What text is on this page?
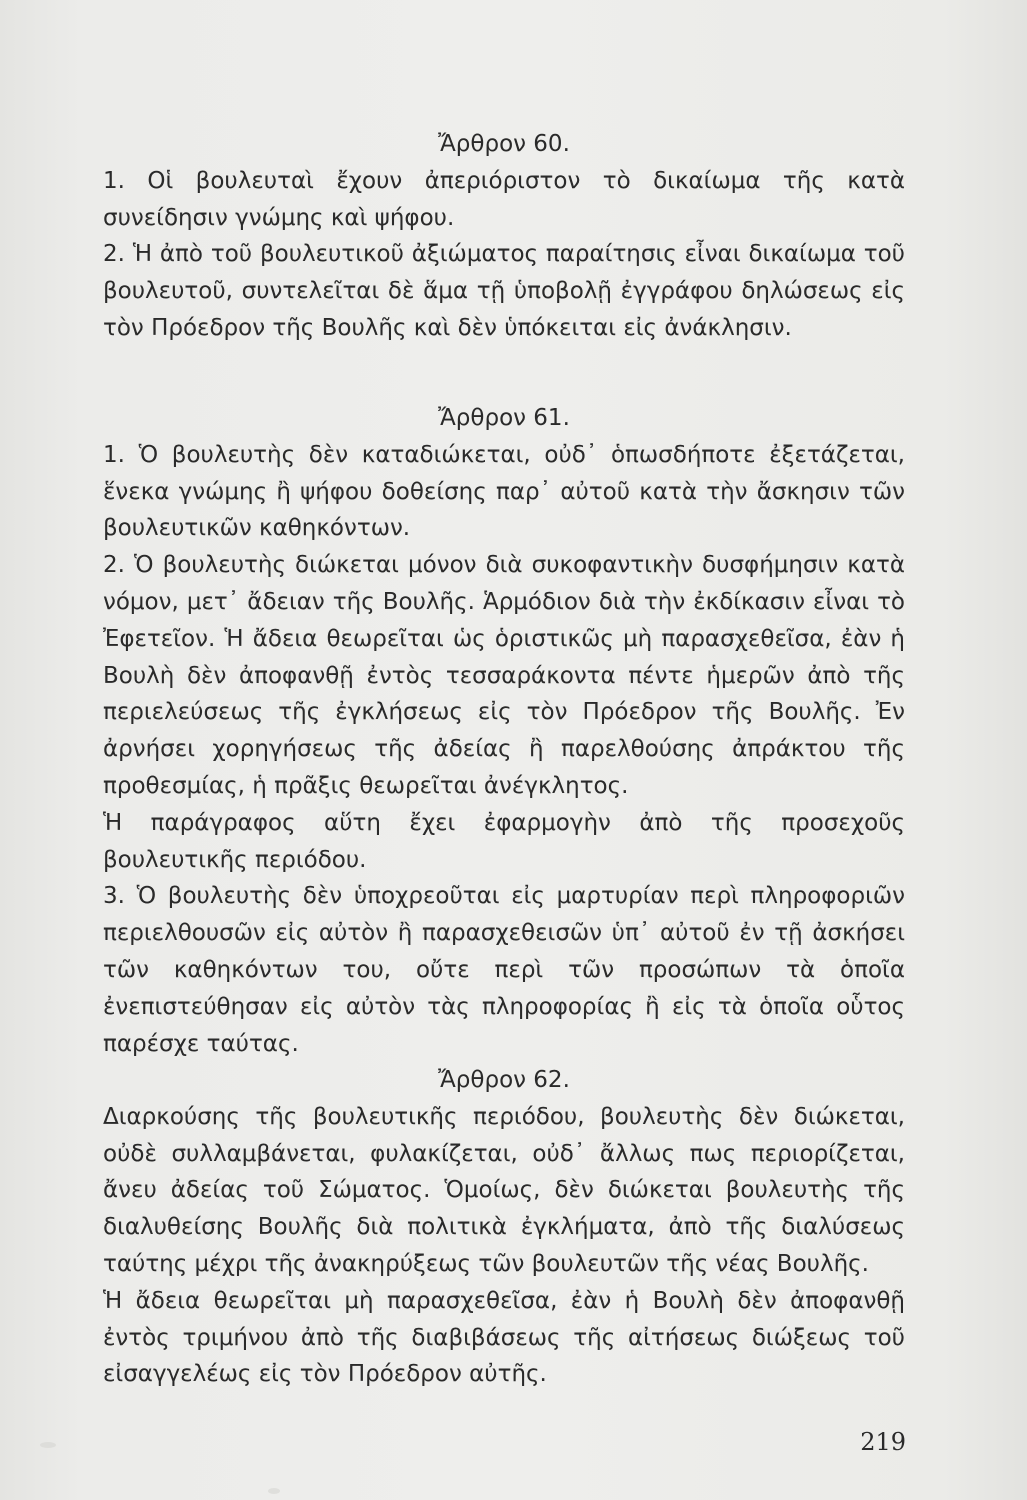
Ἄρθρον 60.

1. Οἱ βουλευταὶ ἔχουν ἀπεριόριστον τὸ δικαίωμα τῆς κατὰ συνείδησιν γνώμης καὶ ψήφου.

2. Ἡ ἀπὸ τοῦ βουλευτικοῦ ἀξιώματος παραίτησις εἶναι δικαίωμα τοῦ βουλευτοῦ, συντελεῖται δὲ ἅμα τῇ ὑποβολῇ ἐγγράφου δηλώσεως εἰς τὸν Πρόεδρον τῆς Βουλῆς καὶ δὲν ὑπόκειται εἰς ἀνάκλησιν.

Ἄρθρον 61.

1. Ὁ βουλευτὴς δὲν καταδιώκεται, οὐδ᾿ ὁπωσδήποτε ἐξετάζεται, ἕνεκα γνώμης ἢ ψήφου δοθείσης παρ᾿ αὐτοῦ κατὰ τὴν ἄσκησιν τῶν βουλευτικῶν καθηκόντων.

2. Ὁ βουλευτὴς διώκεται μόνον διὰ συκοφαντικὴν δυσφήμησιν κατὰ νόμον, μετ᾿ ἄδειαν τῆς Βουλῆς. Ἁρμόδιον διὰ τὴν ἐκδίκασιν εἶναι τὸ Ἐφετεῖον. Ἡ ἄδεια θεωρεῖται ὡς ὁριστικῶς μὴ παρασχεθεῖσα, ἐὰν ἡ Βουλὴ δὲν ἀποφανθῇ ἐντὸς τεσσαράκοντα πέντε ἡμερῶν ἀπὸ τῆς περιελεύσεως τῆς ἐγκλήσεως εἰς τὸν Πρόεδρον τῆς Βουλῆς. Ἐν ἀρνήσει χορηγήσεως τῆς ἀδείας ἢ παρελθούσης ἀπράκτου τῆς προθεσμίας, ἡ πρᾶξις θεωρεῖται ἀνέγκλητος.

Ἡ παράγραφος αὕτη ἔχει ἐφαρμογὴν ἀπὸ τῆς προσεχοῦς βουλευτικῆς περιόδου.

3. Ὁ βουλευτὴς δὲν ὑποχρεοῦται εἰς μαρτυρίαν περὶ πληροφοριῶν περιελθουσῶν εἰς αὐτὸν ἢ παρασχεθεισῶν ὑπ᾿ αὐτοῦ ἐν τῇ ἀσκήσει τῶν καθηκόντων του, οὔτε περὶ τῶν προσώπων τὰ ὁποῖα ἐνεπιστεύθησαν εἰς αὐτὸν τὰς πληροφορίας ἢ εἰς τὰ ὁποῖα οὗτος παρέσχε ταύτας.

Ἄρθρον 62.

Διαρκούσης τῆς βουλευτικῆς περιόδου, βουλευτὴς δὲν διώκεται, οὐδὲ συλλαμβάνεται, φυλακίζεται, οὐδ᾿ ἄλλως πως περιορίζεται, ἄνευ ἀδείας τοῦ Σώματος. Ὁμοίως, δὲν διώκεται βουλευτὴς τῆς διαλυθείσης Βουλῆς διὰ πολιτικὰ ἐγκλήματα, ἀπὸ τῆς διαλύσεως ταύτης μέχρι τῆς ἀνακηρύξεως τῶν βουλευτῶν τῆς νέας Βουλῆς.

Ἡ ἄδεια θεωρεῖται μὴ παρασχεθεῖσα, ἐὰν ἡ Βουλὴ δὲν ἀποφανθῇ ἐντὸς τριμήνου ἀπὸ τῆς διαβιβάσεως τῆς αἰτήσεως διώξεως τοῦ εἰσαγγελέως εἰς τὸν Πρόεδρον αὐτῆς.

219
